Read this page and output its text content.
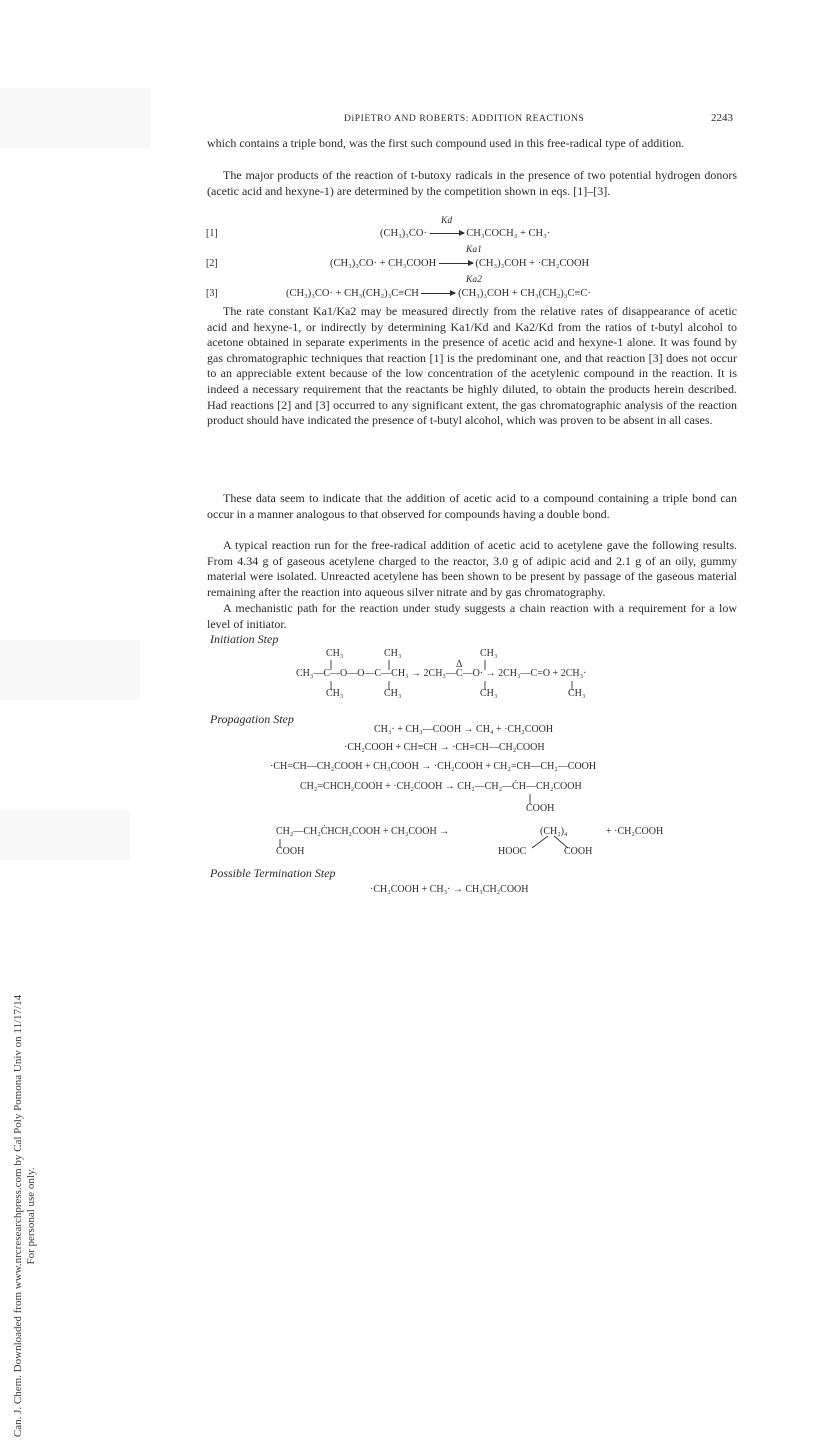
Can. J. Chem. Downloaded from www.nrcresearchpress.com by Cal Poly Pomona Univ on 11/17/14 For personal use only.
DiPIETRO AND ROBERTS: ADDITION REACTIONS	2243

which contains a triple bond, was the first such compound used in this free-radical type of addition.

The major products of the reaction of t-butoxy radicals in the presence of two potential hydrogen donors (acetic acid and hexyne-1) are determined by the competition shown in eqs. [1]–[3].

[1]	(CH₃)₃CO· → CH₃COCH₃ + CH₃·
Kd
[2]	(CH₃)₃CO· + CH₃COOH → (CH₃)₃COH + ·CH₂COOH
Ka1
[3]	(CH₃)₃CO· + CH₃(CH₂)₃C≡CH → (CH₃)₃COH + CH₃(CH₂)₃C≡C·
Ka2

The rate constant Ka1/Ka2 may be measured directly from the relative rates of disappearance of acetic acid and hexyne-1, or indirectly by determining Ka1/Kd and Ka2/Kd from the ratios of t-butyl alcohol to acetone obtained in separate experiments in the presence of acetic acid and hexyne-1 alone. It was found by gas chromatographic techniques that reaction [1] is the predominant one, and that reaction [3] does not occur to an appreciable extent because of the low concentration of the acetylenic compound in the reaction. It is indeed a necessary requirement that the reactants be highly diluted, to obtain the products herein described. Had reactions [2] and [3] occurred to any significant extent, the gas chromatographic analysis of the reaction product should have indicated the presence of t-butyl alcohol, which was proven to be absent in all cases.

These data seem to indicate that the addition of acetic acid to a compound containing a triple bond can occur in a manner analogous to that observed for compounds having a double bond.

A typical reaction run for the free-radical addition of acetic acid to acetylene gave the following results. From 4.34 g of gaseous acetylene charged to the reactor, 3.0 g of adipic acid and 2.1 g of an oily, gummy material were isolated. Unreacted acetylene has been shown to be present by passage of the gaseous material remaining after the reaction into aqueous silver nitrate and by gas chromatography.

A mechanistic path for the reaction under study suggests a chain reaction with a requirement for a low level of initiator.

Initiation Step
CH₃	CH₃	CH₃
Δ
CH₃—C—O—O—C—CH₃ → 2CH₃—C—O· → 2CH₃—C=O + 2CH₃·
CH₃	CH₃	CH₃	CH₃
Propagation Step
CH₃· + CH₃—COOH → CH₄ + ·CH₂COOH
·CH₂COOH + CH≡CH → ·CH=CH—CH₂COOH
·CH=CH—CH₂COOH + CH₃COOH → ·CH₂COOH + CH₂=CH—CH₂—COOH
CH₂=CHCH₂COOH + ·CH₂COOH → CH₂—CH₂—ĊH—CH₂COOH
COOH
CH₂—CH₂ĊHCH₂COOH + CH₃COOH →
COOH
(CH₂)₄
HOOC	COOH
+ ·CH₂COOH
Possible Termination Step
·CH₂COOH + CH₃· → CH₃CH₂COOH
